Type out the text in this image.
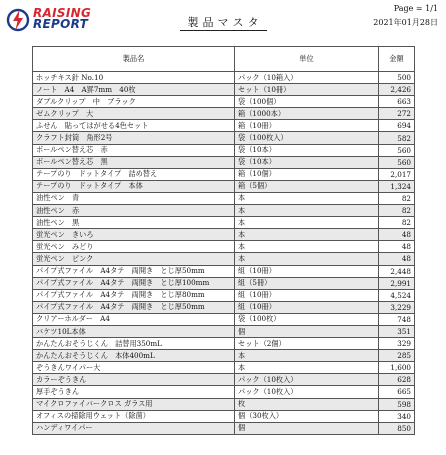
RAISING
REPORT	製品マスタ
Page = 1/1
2021年01月28日
製品名	単位	金額
ホッチキス針 No.10	パック（10箱入）	500
ノート　A4　A罫7mm　40枚	セット（10冊）	2,426
ダブルクリップ　中　ブラック	袋（100個）	663
ゼムクリップ　大	箱（1000本）	272
ふせん　貼ってはがせる4色セット	箱（10冊）	694
クラフト封筒　角形2号	袋（100枚入）	582
ボールペン替え芯　赤	袋（10本）	560
ボールペン替え芯　黒	袋（10本）	560
テープのり　ドットタイプ　詰め替え	箱（10個）	2,017
テープのり　ドットタイプ　本体	箱（5個）	1,324
油性ペン　青	本	82
油性ペン　赤	本	82
油性ペン　黒	本	82
蛍光ペン　きいろ	本	48
蛍光ペン　みどり	本	48
蛍光ペン　ピンク	本	48
パイプ式ファイル　A4タテ　両開き　とじ厚50mm	組（10冊）	2,448
パイプ式ファイル　A4タテ　両開き　とじ厚100mm	組（5冊）	2,991
パイプ式ファイル　A4タテ　両開き　とじ厚80mm	組（10冊）	4,524
パイプ式ファイル　A4タテ　両開き　とじ厚50mm	組（10冊）	3,229
クリアーホルダー　A4	袋（100枚）	748
バケツ10L本体	個	351
かんたんおそうじくん　詰替用350mL	セット（2個）	329
かんたんおそうじくん　本体400mL	本	285
ぞうきんワイパー大	本	1,600
カラーぞうきん	パック（10枚入）	628
厚手ぞうきん	パック（10枚入）	665
マイクロファイバークロス ガラス用	枚	598
オフィスの掃除用ウェット（除菌）	個（30枚入）	340
ハンディワイパー	個	850
